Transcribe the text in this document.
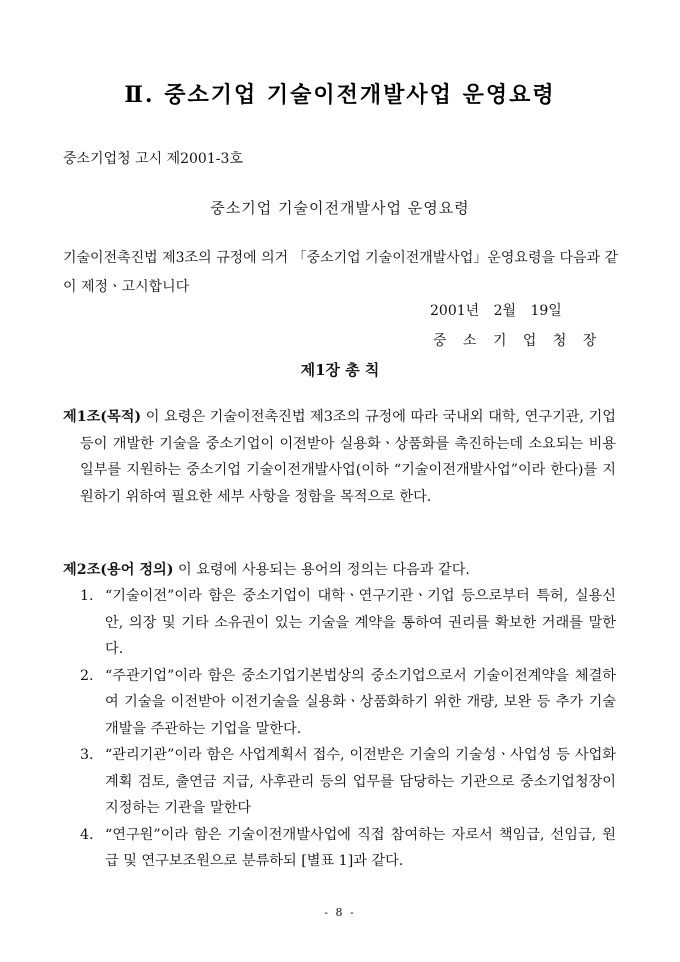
Ⅱ. 중소기업 기술이전개발사업 운영요령
중소기업청 고시 제2001-3호
중소기업 기술이전개발사업 운영요령
기술이전촉진법 제3조의 규정에 의거 「중소기업 기술이전개발사업」운영요령을 다음과 같이 제정ㆍ고시합니다
2001년 2월 19일
중 소 기 업 청 장
제1장 총 칙
제1조(목적) 이 요령은 기술이전촉진법 제3조의 규정에 따라 국내외 대학, 연구기관, 기업 등이 개발한 기술을 중소기업이 이전받아 실용화ㆍ상품화를 촉진하는데 소요되는 비용 일부를 지원하는 중소기업 기술이전개발사업(이하 “기술이전개발사업”이라 한다)를 지원하기 위하여 필요한 세부 사항을 정함을 목적으로 한다.
제2조(용어 정의) 이 요령에 사용되는 용어의 정의는 다음과 같다.
1. “기술이전”이라 함은 중소기업이 대학ㆍ연구기관ㆍ기업 등으로부터 특허, 실용신안, 의장 및 기타 소유권이 있는 기술을 계약을 통하여 권리를 확보한 거래를 말한다.
2. “주관기업”이라 함은 중소기업기본법상의 중소기업으로서 기술이전계약을 체결하여 기술을 이전받아 이전기술을 실용화ㆍ상품화하기 위한 개량, 보완 등 추가 기술개발을 주관하는 기업을 말한다.
3. “관리기관”이라 함은 사업계획서 접수, 이전받은 기술의 기술성ㆍ사업성 등 사업화 계획 검토, 출연금 지급, 사후관리 등의 업무를 담당하는 기관으로 중소기업청장이 지정하는 기관을 말한다
4. “연구원”이라 함은 기술이전개발사업에 직접 참여하는 자로서 책임급, 선임급, 원급 및 연구보조원으로 분류하되 [별표 1]과 같다.
- 8 -
